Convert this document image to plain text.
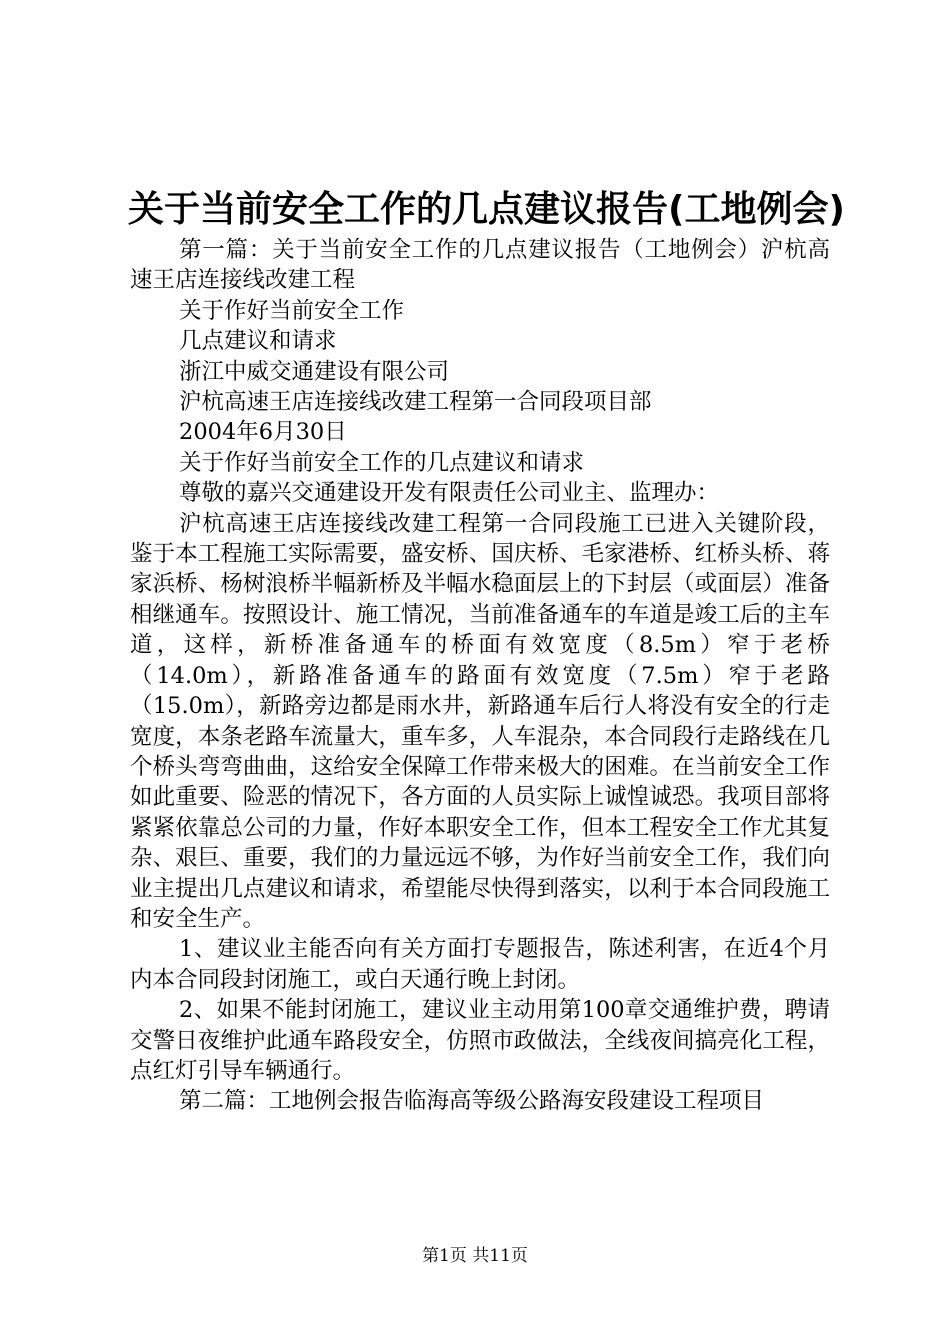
关于当前安全工作的几点建议报告(工地例会)

第一篇：关于当前安全工作的几点建议报告（工地例会）沪杭高速王店连接线改建工程

关于作好当前安全工作

几点建议和请求

浙江中威交通建设有限公司

沪杭高速王店连接线改建工程第一合同段项目部

2004年6月30日

关于作好当前安全工作的几点建议和请求

尊敬的嘉兴交通建设开发有限责任公司业主、监理办：

沪杭高速王店连接线改建工程第一合同段施工已进入关键阶段，鉴于本工程施工实际需要，盛安桥、国庆桥、毛家港桥、红桥头桥、蒋家浜桥、杨树浪桥半幅新桥及半幅水稳面层上的下封层（或面层）准备相继通车。按照设计、施工情况，当前准备通车的车道是竣工后的主车道，这样，新桥准备通车的桥面有效宽度（8.5m）窄于老桥（14.0m），新路准备通车的路面有效宽度（7.5m）窄于老路（15.0m），新路旁边都是雨水井，新路通车后行人将没有安全的行走宽度，本条老路车流量大，重车多，人车混杂，本合同段行走路线在几个桥头弯弯曲曲，这给安全保障工作带来极大的困难。在当前安全工作如此重要、险恶的情况下，各方面的人员实际上诚惶诚恐。我项目部将紧紧依靠总公司的力量，作好本职安全工作，但本工程安全工作尤其复杂、艰巨、重要，我们的力量远远不够，为作好当前安全工作，我们向业主提出几点建议和请求，希望能尽快得到落实，以利于本合同段施工和安全生产。

1、建议业主能否向有关方面打专题报告，陈述利害，在近4个月内本合同段封闭施工，或白天通行晚上封闭。

2、如果不能封闭施工，建议业主动用第100章交通维护费，聘请交警日夜维护此通车路段安全，仿照市政做法，全线夜间搞亮化工程，点红灯引导车辆通行。

第二篇：工地例会报告临海高等级公路海安段建设工程项目

第1页 共11页
